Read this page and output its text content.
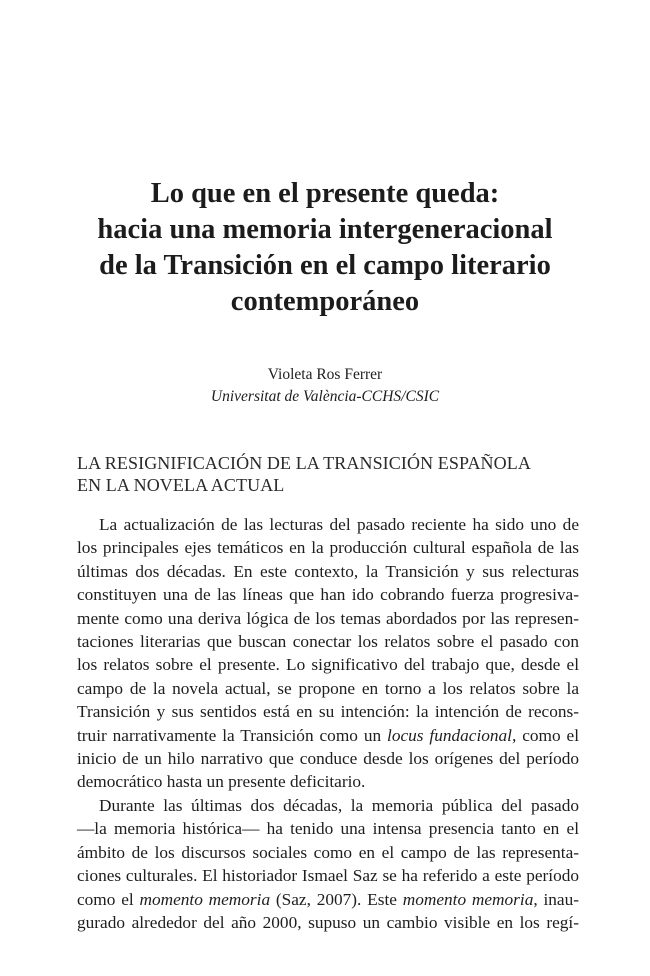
Lo que en el presente queda:
hacia una memoria intergeneracional
de la Transición en el campo literario
contemporáneo
Violeta Ros Ferrer
Universitat de València-CCHS/CSIC
LA RESIGNIFICACIÓN DE LA TRANSICIÓN ESPAÑOLA
EN LA NOVELA ACTUAL
La actualización de las lecturas del pasado reciente ha sido uno de
los principales ejes temáticos en la producción cultural española de las
últimas dos décadas. En este contexto, la Transición y sus relecturas
constituyen una de las líneas que han ido cobrando fuerza progresiva-
mente como una deriva lógica de los temas abordados por las represen-
taciones literarias que buscan conectar los relatos sobre el pasado con
los relatos sobre el presente. Lo significativo del trabajo que, desde el
campo de la novela actual, se propone en torno a los relatos sobre la
Transición y sus sentidos está en su intención: la intención de recons-
truir narrativamente la Transición como un locus fundacional, como el
inicio de un hilo narrativo que conduce desde los orígenes del período
democrático hasta un presente deficitario.
Durante las últimas dos décadas, la memoria pública del pasado
—la memoria histórica— ha tenido una intensa presencia tanto en el
ámbito de los discursos sociales como en el campo de las representa-
ciones culturales. El historiador Ismael Saz se ha referido a este período
como el momento memoria (Saz, 2007). Este momento memoria, inau-
gurado alrededor del año 2000, supuso un cambio visible en los regí-
